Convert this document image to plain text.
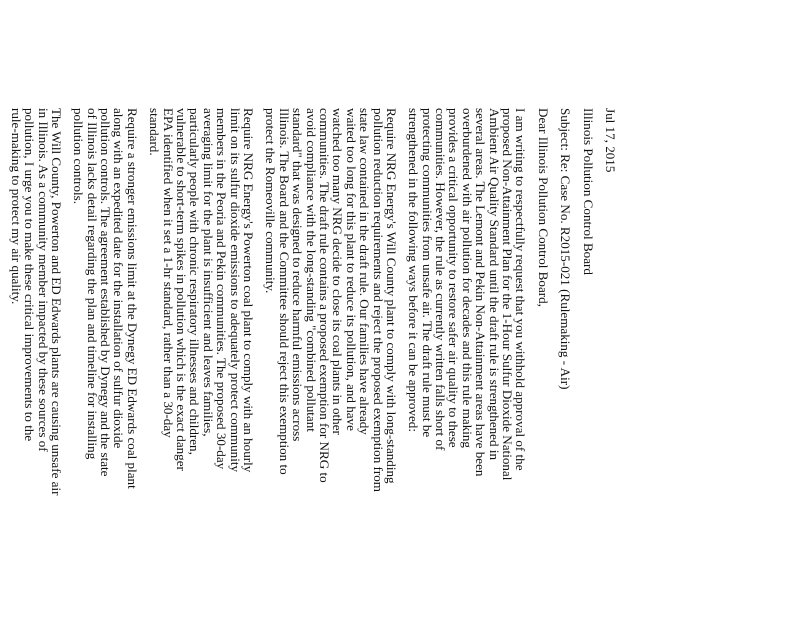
Jul 17, 2015
Illinois Pollution Control Board
Subject: Re: Case No. R2015-021 (Rulemaking - Air)
Dear Illinois Pollution Control Board,
I am writing to respectfully request that you withhold approval of the
proposed Non-Attainment Plan for the 1-Hour Sulfur Dioxide National
Ambient Air Quality Standard until the draft rule is strengthened in
several areas. The Lemont and Pekin Non-Attainment areas have been
overburdened with air pollution for decades and this rule making
provides a critical opportunity to restore safer air quality to these
communities. However, the rule as currently written falls short of
protecting communities from unsafe air. The draft rule must be
strengthened in the following ways before it can be approved:
Require NRG Energy's Will County plant to comply with long-standing
pollution reduction requirements and reject the proposed exemption from
state law contained in the draft rule. Our families have already
waited too long for this plant to reduce its pollution, and have
watched too many NRG decide to close its coal plants in other
communities. The draft rule contains a proposed exemption for NRG to
avoid compliance with the long-standing "combined pollutant
standard" that was designed to reduce harmful emissions across
Illinois. The Board and the Committee should reject this exemption to
protect the Romeoville community.
Require NRG Energy's Powerton coal plant to comply with an hourly
limit on its sulfur dioxide emissions to adequately protect community
members in the Peoria and Pekin communities. The proposed 30-day
averaging limit for the plant is insufficient and leaves families,
particularly people with chronic respiratory illnesses and children,
vulnerable to short-term spikes in pollution which is the exact danger
EPA identified when it set a 1-hr standard, rather than a 30-day
standard.
Require a stronger emissions limit at the Dynegy ED Edwards coal plant
along with an expedited date for the installation of sulfur dioxide
pollution controls. The agreement established by Dynegy and the state
of Illinois lacks detail regarding the plan and timeline for installing
pollution controls.
The Will County, Powerton and ED Edwards plants are causing unsafe air
in Illinois. As a community member impacted by these sources of
pollution, I urge you to make these critical improvements to the
rule-making to protect my air quality.
